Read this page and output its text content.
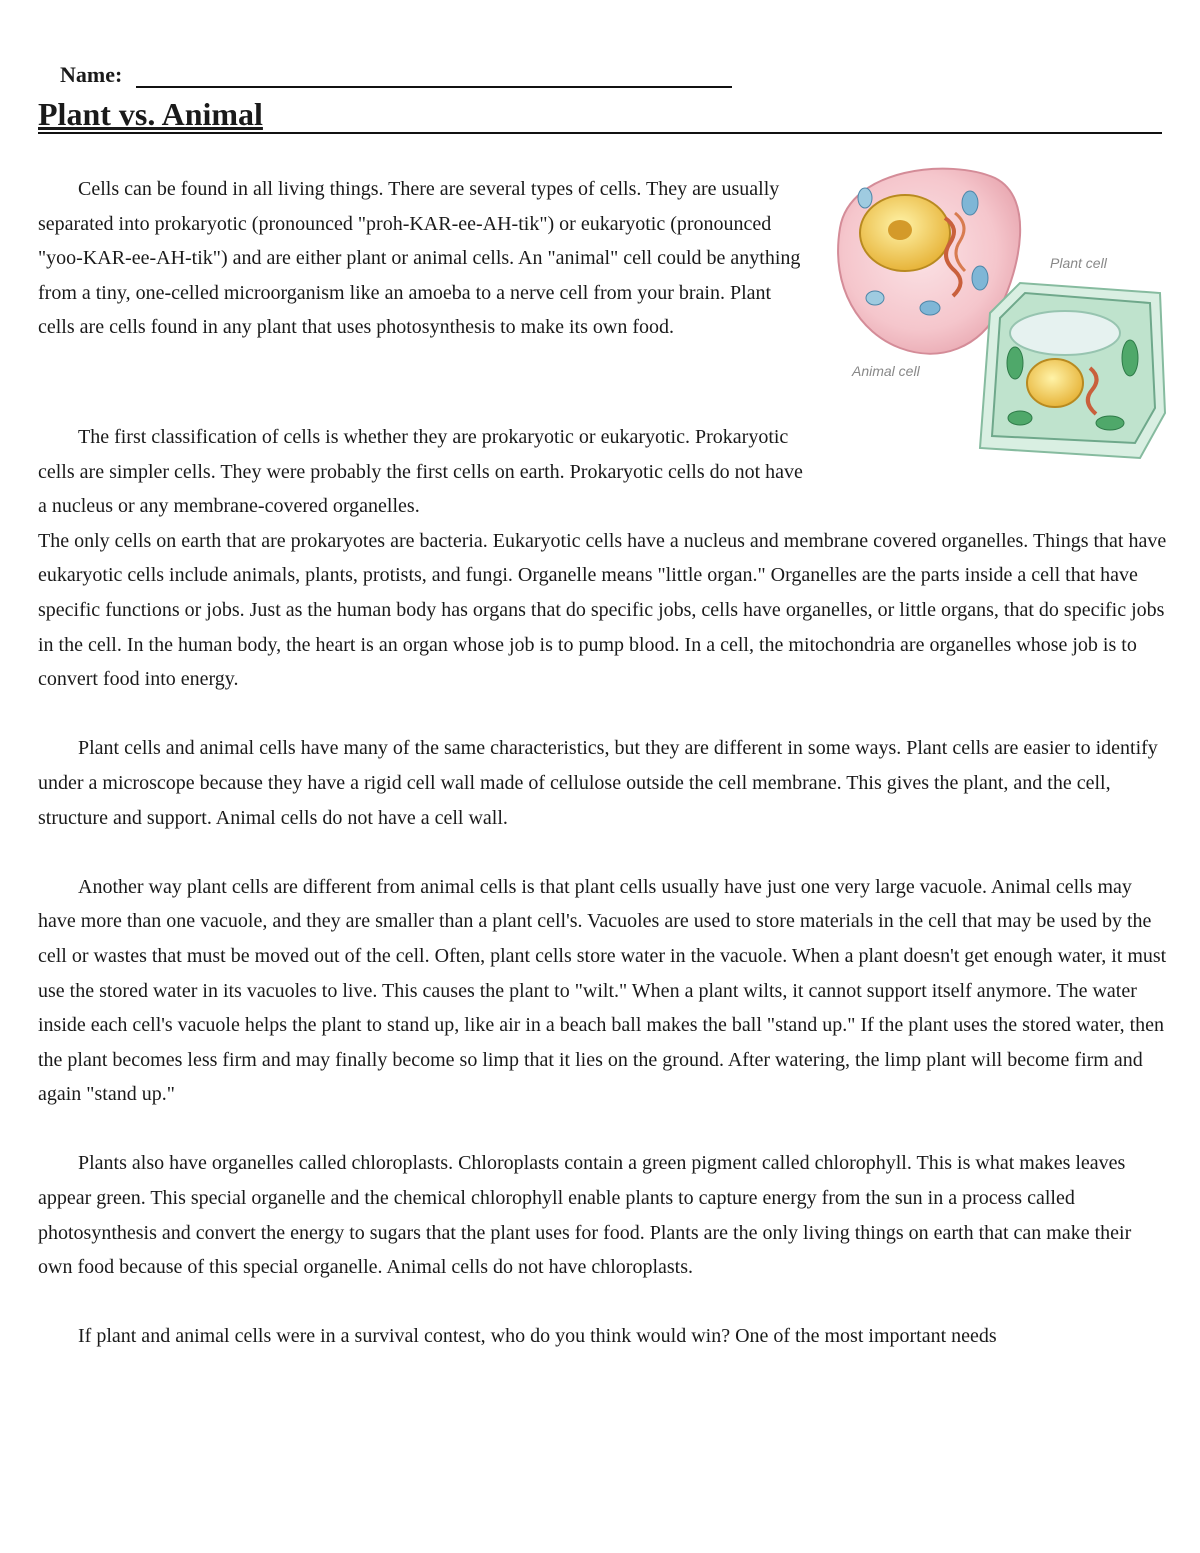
Name:
Plant vs. Animal

Cells can be found in all living things. There are several types of cells. They are usually separated into prokaryotic (pronounced "proh-KAR-ee-AH-tik") or eukaryotic (pronounced "yoo-KAR-ee-AH-tik") and are either plant or animal cells. An "animal" cell could be anything from a tiny, one-celled microorganism like an amoeba to a nerve cell from your brain. Plant cells are cells found in any plant that uses photosynthesis to make its own food.

Plant cell
Animal cell

The first classification of cells is whether they are prokaryotic or eukaryotic. Prokaryotic cells are simpler cells. They were probably the first cells on earth. Prokaryotic cells do not have a nucleus or any membrane-covered organelles.

The only cells on earth that are prokaryotes are bacteria. Eukaryotic cells have a nucleus and membrane covered organelles. Things that have eukaryotic cells include animals, plants, protists, and fungi. Organelle means "little organ." Organelles are the parts inside a cell that have specific functions or jobs. Just as the human body has organs that do specific jobs, cells have organelles, or little organs, that do specific jobs in the cell. In the human body, the heart is an organ whose job is to pump blood. In a cell, the mitochondria are organelles whose job is to convert food into energy.

Plant cells and animal cells have many of the same characteristics, but they are different in some ways. Plant cells are easier to identify under a microscope because they have a rigid cell wall made of cellulose outside the cell membrane. This gives the plant, and the cell, structure and support. Animal cells do not have a cell wall.

Another way plant cells are different from animal cells is that plant cells usually have just one very large vacuole. Animal cells may have more than one vacuole, and they are smaller than a plant cell's. Vacuoles are used to store materials in the cell that may be used by the cell or wastes that must be moved out of the cell. Often, plant cells store water in the vacuole. When a plant doesn't get enough water, it must use the stored water in its vacuoles to live. This causes the plant to "wilt." When a plant wilts, it cannot support itself anymore. The water inside each cell's vacuole helps the plant to stand up, like air in a beach ball makes the ball "stand up." If the plant uses the stored water, then the plant becomes less firm and may finally become so limp that it lies on the ground. After watering, the limp plant will become firm and again "stand up."

Plants also have organelles called chloroplasts. Chloroplasts contain a green pigment called chlorophyll. This is what makes leaves appear green. This special organelle and the chemical chlorophyll enable plants to capture energy from the sun in a process called photosynthesis and convert the energy to sugars that the plant uses for food. Plants are the only living things on earth that can make their own food because of this special organelle. Animal cells do not have chloroplasts.

If plant and animal cells were in a survival contest, who do you think would win? One of the most important needs
